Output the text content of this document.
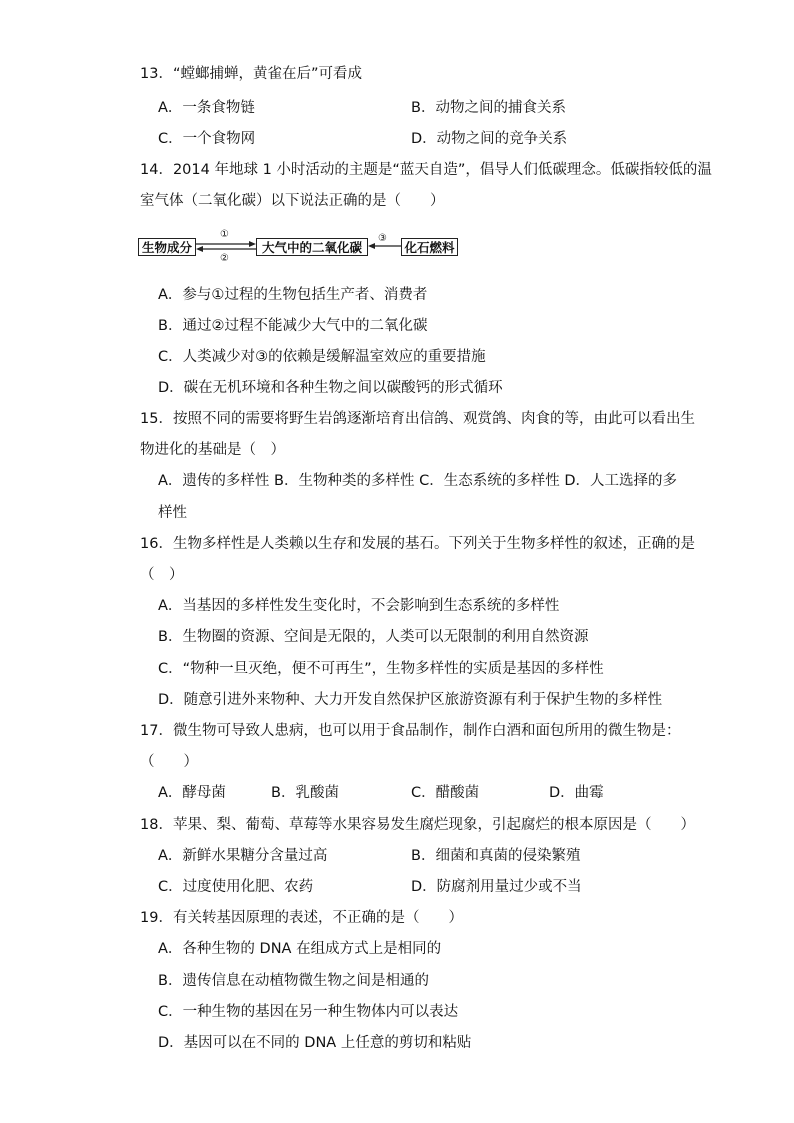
13．“螳螂捕蝉，黄雀在后”可看成
A．一条食物链	B．动物之间的捕食关系
C．一个食物网	D．动物之间的竞争关系
14．2014 年地球 1 小时活动的主题是“蓝天自造”，倡导人们低碳理念。低碳指较低的温
室气体（二氧化碳）以下说法正确的是（　　）
生物成分	大气中的二氧化碳	化石燃料
①
②
③
A．参与①过程的生物包括生产者、消费者
B．通过②过程不能减少大气中的二氧化碳
C．人类减少对③的依赖是缓解温室效应的重要措施
D．碳在无机环境和各种生物之间以碳酸钙的形式循环
15．按照不同的需要将野生岩鸽逐渐培育出信鸽、观赏鸽、肉食的等，由此可以看出生
物进化的基础是（　）
A．遗传的多样性 B．生物种类的多样性 C．生态系统的多样性 D．人工选择的多
样性
16．生物多样性是人类赖以生存和发展的基石。下列关于生物多样性的叙述，正确的是
（　）
A．当基因的多样性发生变化时，不会影响到生态系统的多样性
B．生物圈的资源、空间是无限的，人类可以无限制的利用自然资源
C．“物种一旦灭绝，便不可再生”，生物多样性的实质是基因的多样性
D．随意引进外来物种、大力开发自然保护区旅游资源有利于保护生物的多样性
17．微生物可导致人患病，也可以用于食品制作，制作白酒和面包所用的微生物是：
（　　）
A．酵母菌	B．乳酸菌	C．醋酸菌	D．曲霉
18．苹果、梨、葡萄、草莓等水果容易发生腐烂现象，引起腐烂的根本原因是（　　）
A．新鲜水果糖分含量过高	B．细菌和真菌的侵染繁殖
C．过度使用化肥、农药	D．防腐剂用量过少或不当
19．有关转基因原理的表述，不正确的是（　　）
A．各种生物的 DNA 在组成方式上是相同的
B．遗传信息在动植物微生物之间是相通的
C．一种生物的基因在另一种生物体内可以表达
D．基因可以在不同的 DNA 上任意的剪切和粘贴
